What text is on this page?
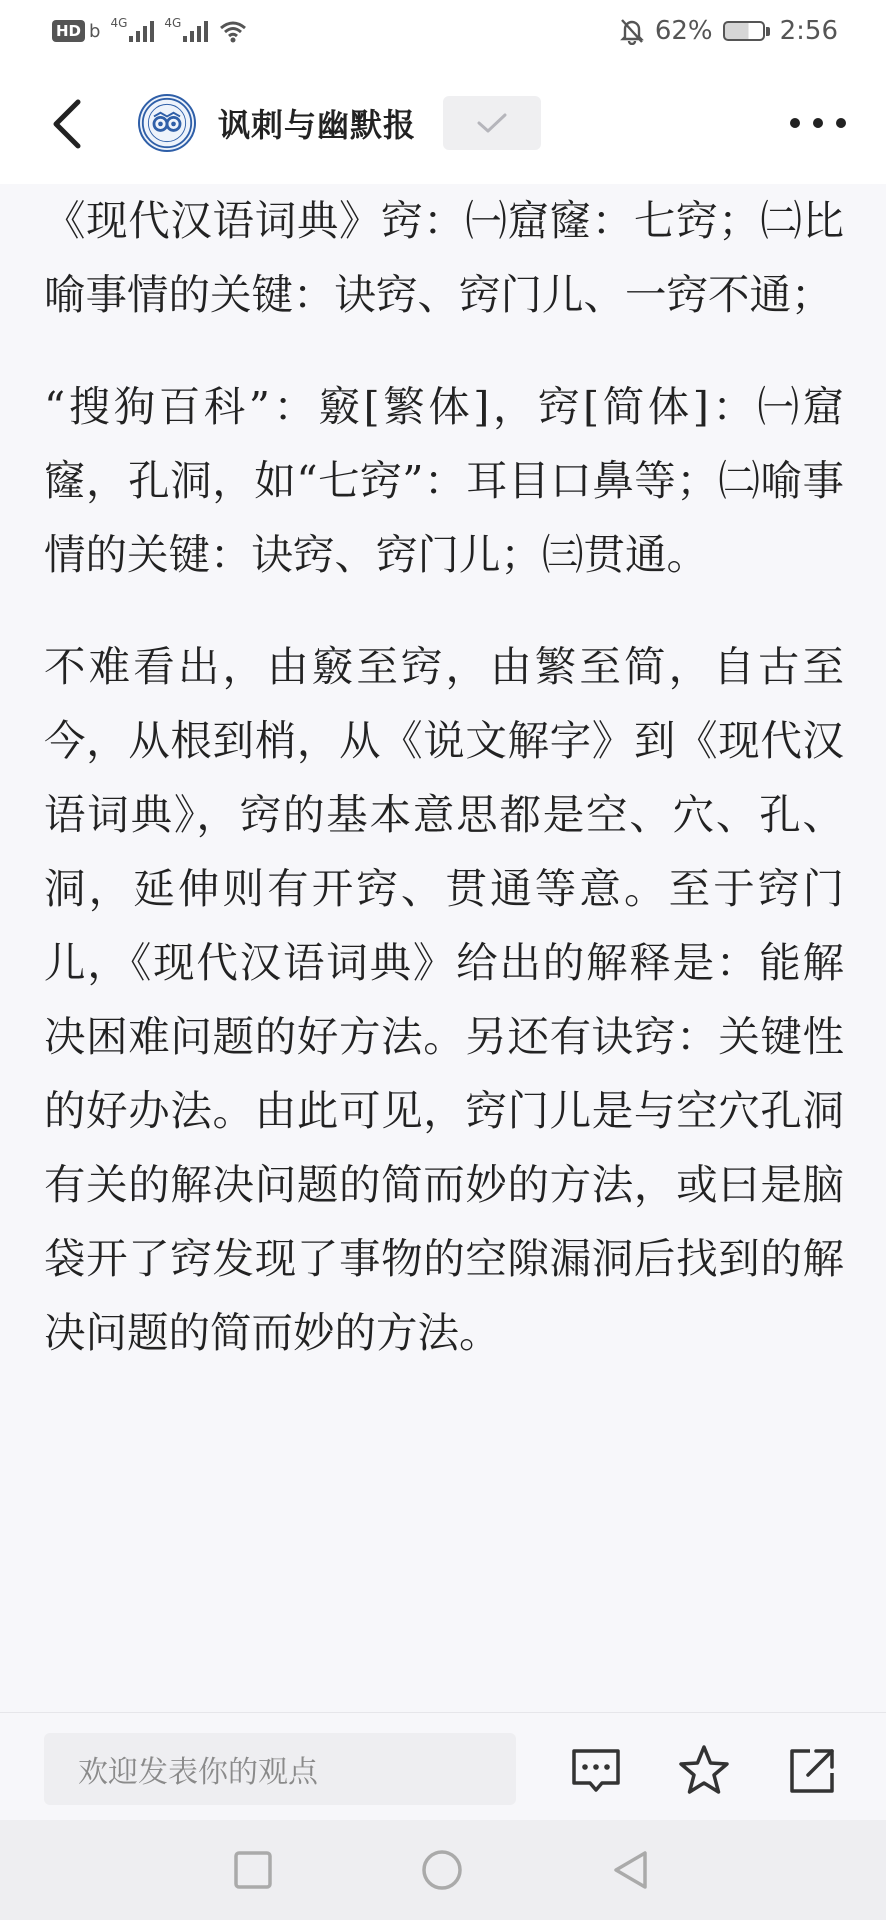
HD b 4G	4G	62%	2:56
讽刺与幽默报

《现代汉语词典》窍：㈠窟窿：七窍；㈡比喻事情的关键：诀窍、窍门儿、一窍不通；

“搜狗百科”：竅[繁体]，窍[简体]：㈠窟窿，孔洞，如“七窍”：耳目口鼻等；㈡喻事情的关键：诀窍、窍门儿；㈢贯通。

不难看出，由竅至窍，由繁至简，自古至今，从根到梢，从《说文解字》到《现代汉语词典》，窍的基本意思都是空、穴、孔、洞，延伸则有开窍、贯通等意。至于窍门儿，《现代汉语词典》给出的解释是：能解决困难问题的好方法。另还有诀窍：关键性的好办法。由此可见，窍门儿是与空穴孔洞有关的解决问题的简而妙的方法，或曰是脑袋开了窍发现了事物的空隙漏洞后找到的解决问题的简而妙的方法。

欢迎发表你的观点
